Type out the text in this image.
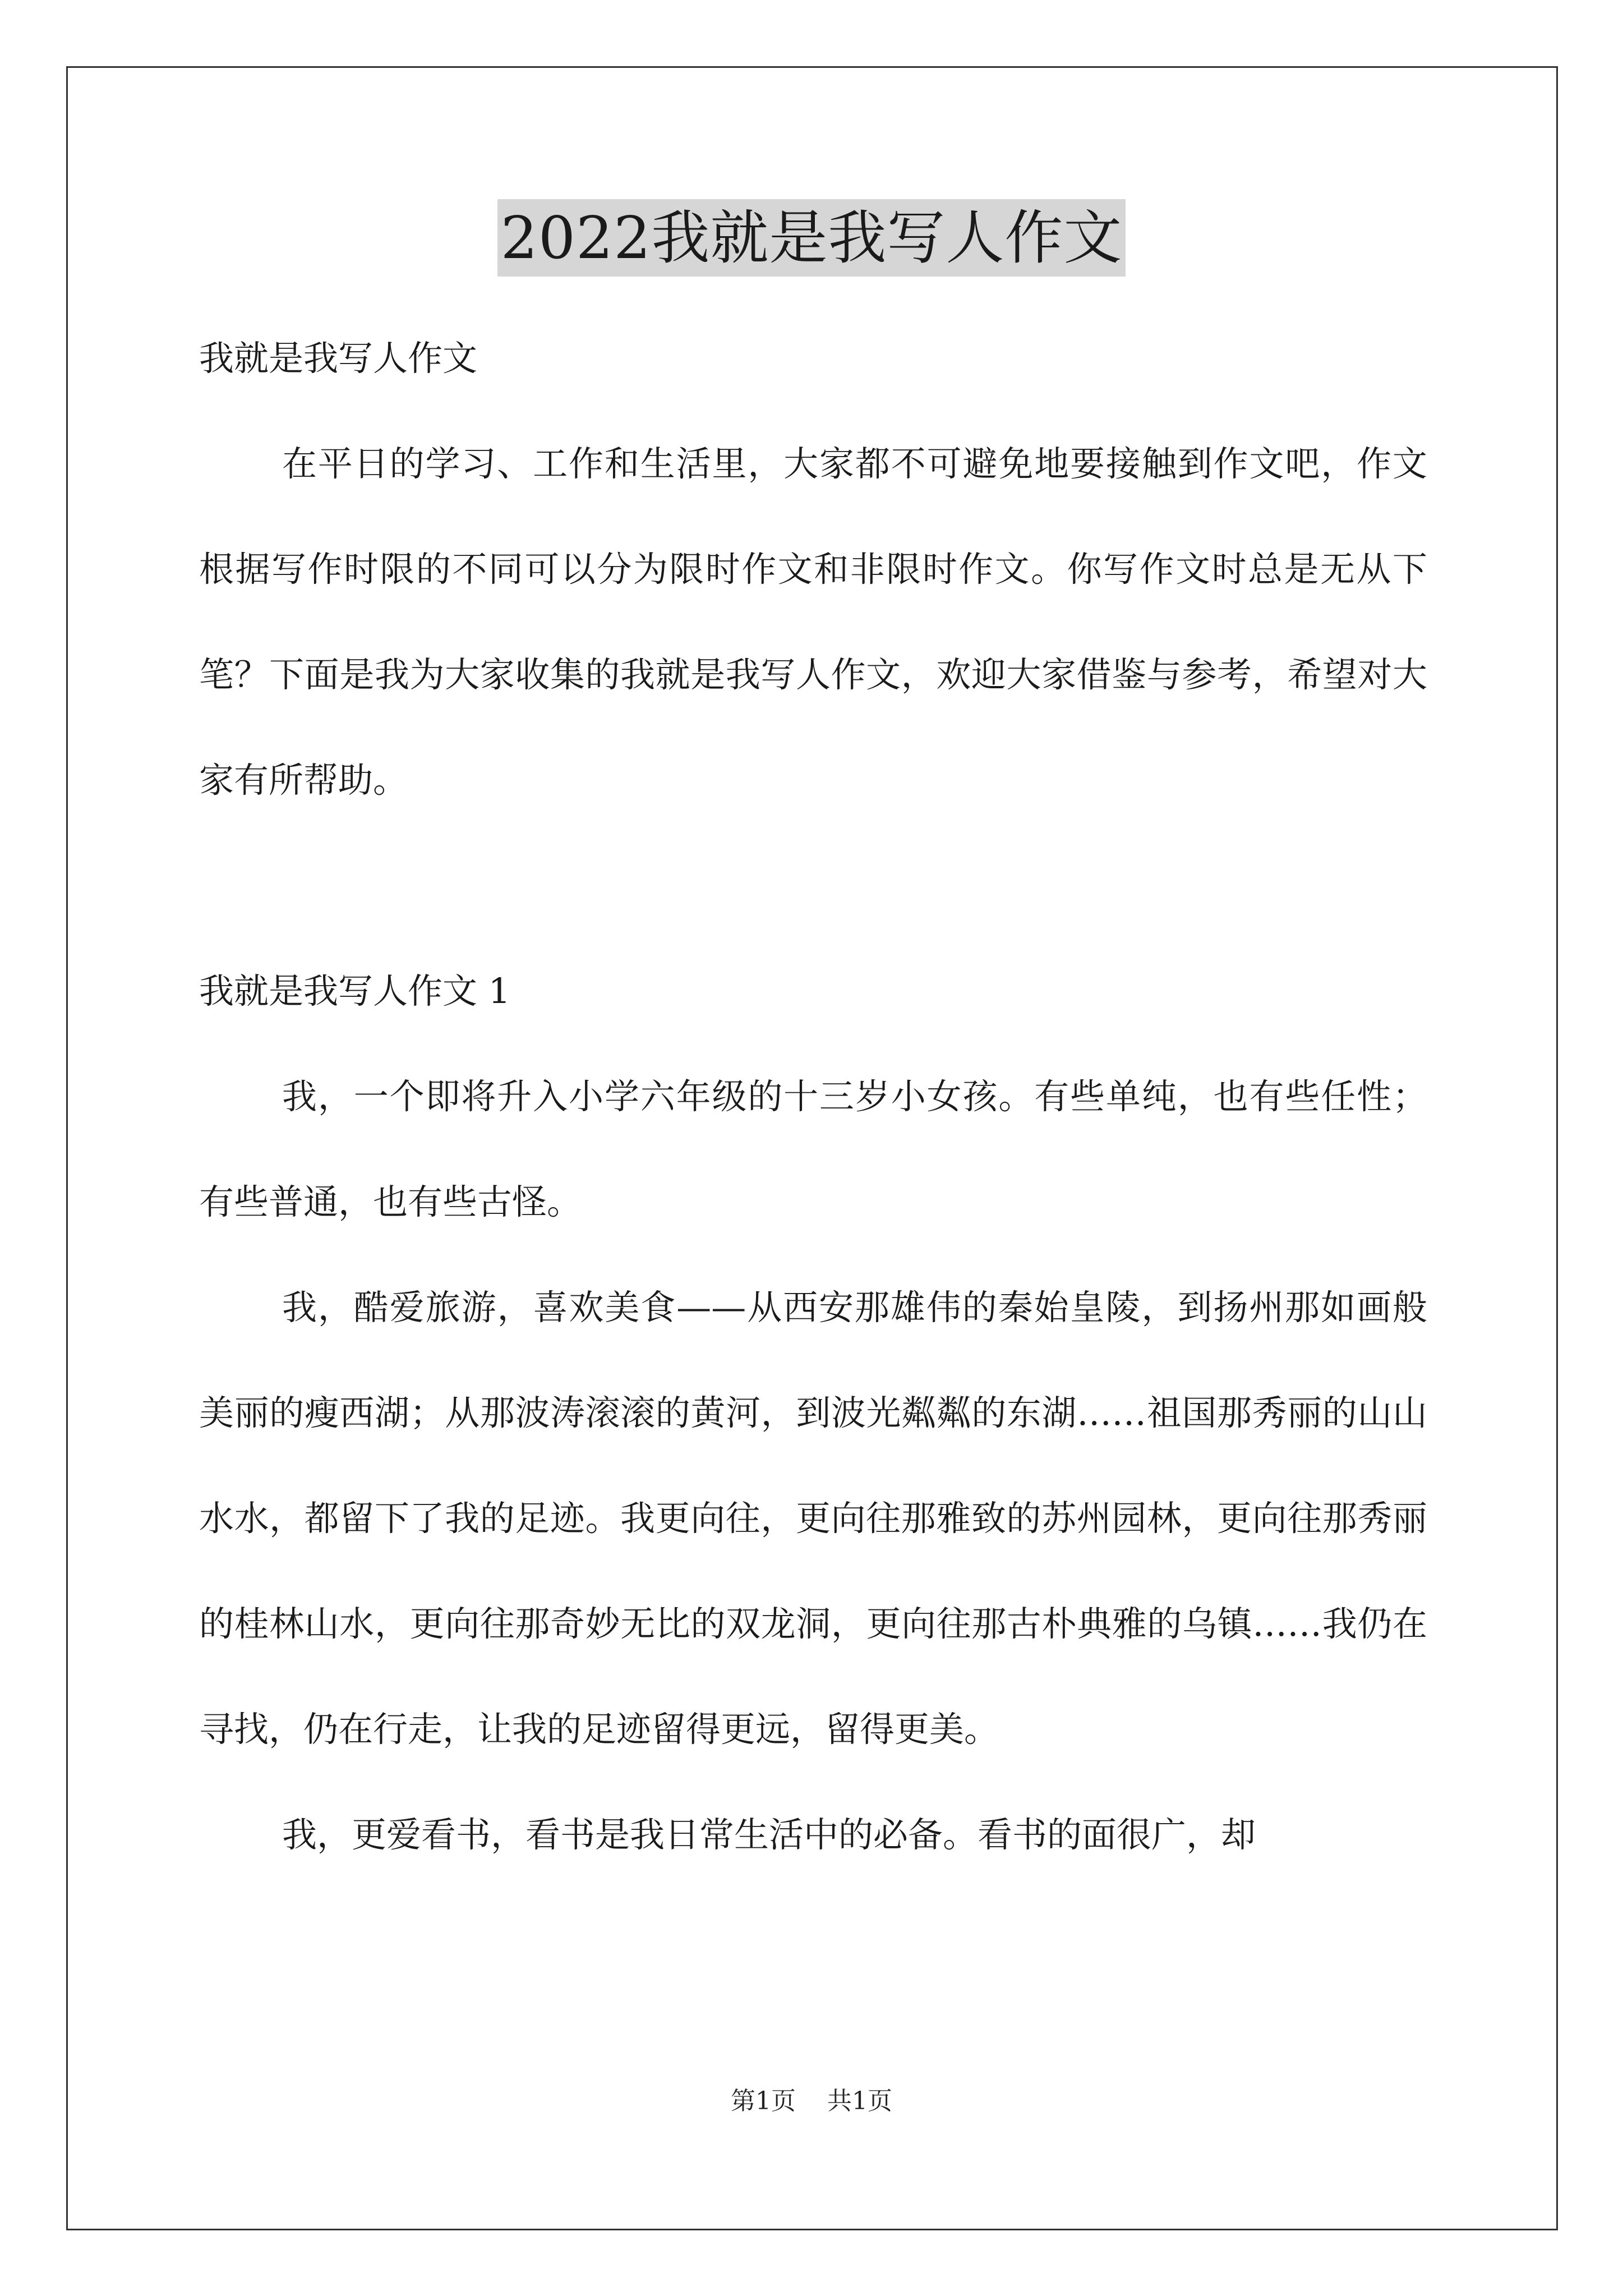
2022我就是我写人作文

我就是我写人作文

在平日的学习、工作和生活里，大家都不可避免地要接触到作文吧，作文根据写作时限的不同可以分为限时作文和非限时作文。你写作文时总是无从下笔？下面是我为大家收集的我就是我写人作文，欢迎大家借鉴与参考，希望对大家有所帮助。

我就是我写人作文 1

我，一个即将升入小学六年级的十三岁小女孩。有些单纯，也有些任性；有些普通，也有些古怪。

我，酷爱旅游，喜欢美食——从西安那雄伟的秦始皇陵，到扬州那如画般美丽的瘦西湖；从那波涛滚滚的黄河，到波光粼粼的东湖……祖国那秀丽的山山水水，都留下了我的足迹。我更向往，更向往那雅致的苏州园林，更向往那秀丽的桂林山水，更向往那奇妙无比的双龙洞，更向往那古朴典雅的乌镇……我仍在寻找，仍在行走，让我的足迹留得更远，留得更美。

我，更爱看书，看书是我日常生活中的必备。看书的面很广，却

第1页 共1页
